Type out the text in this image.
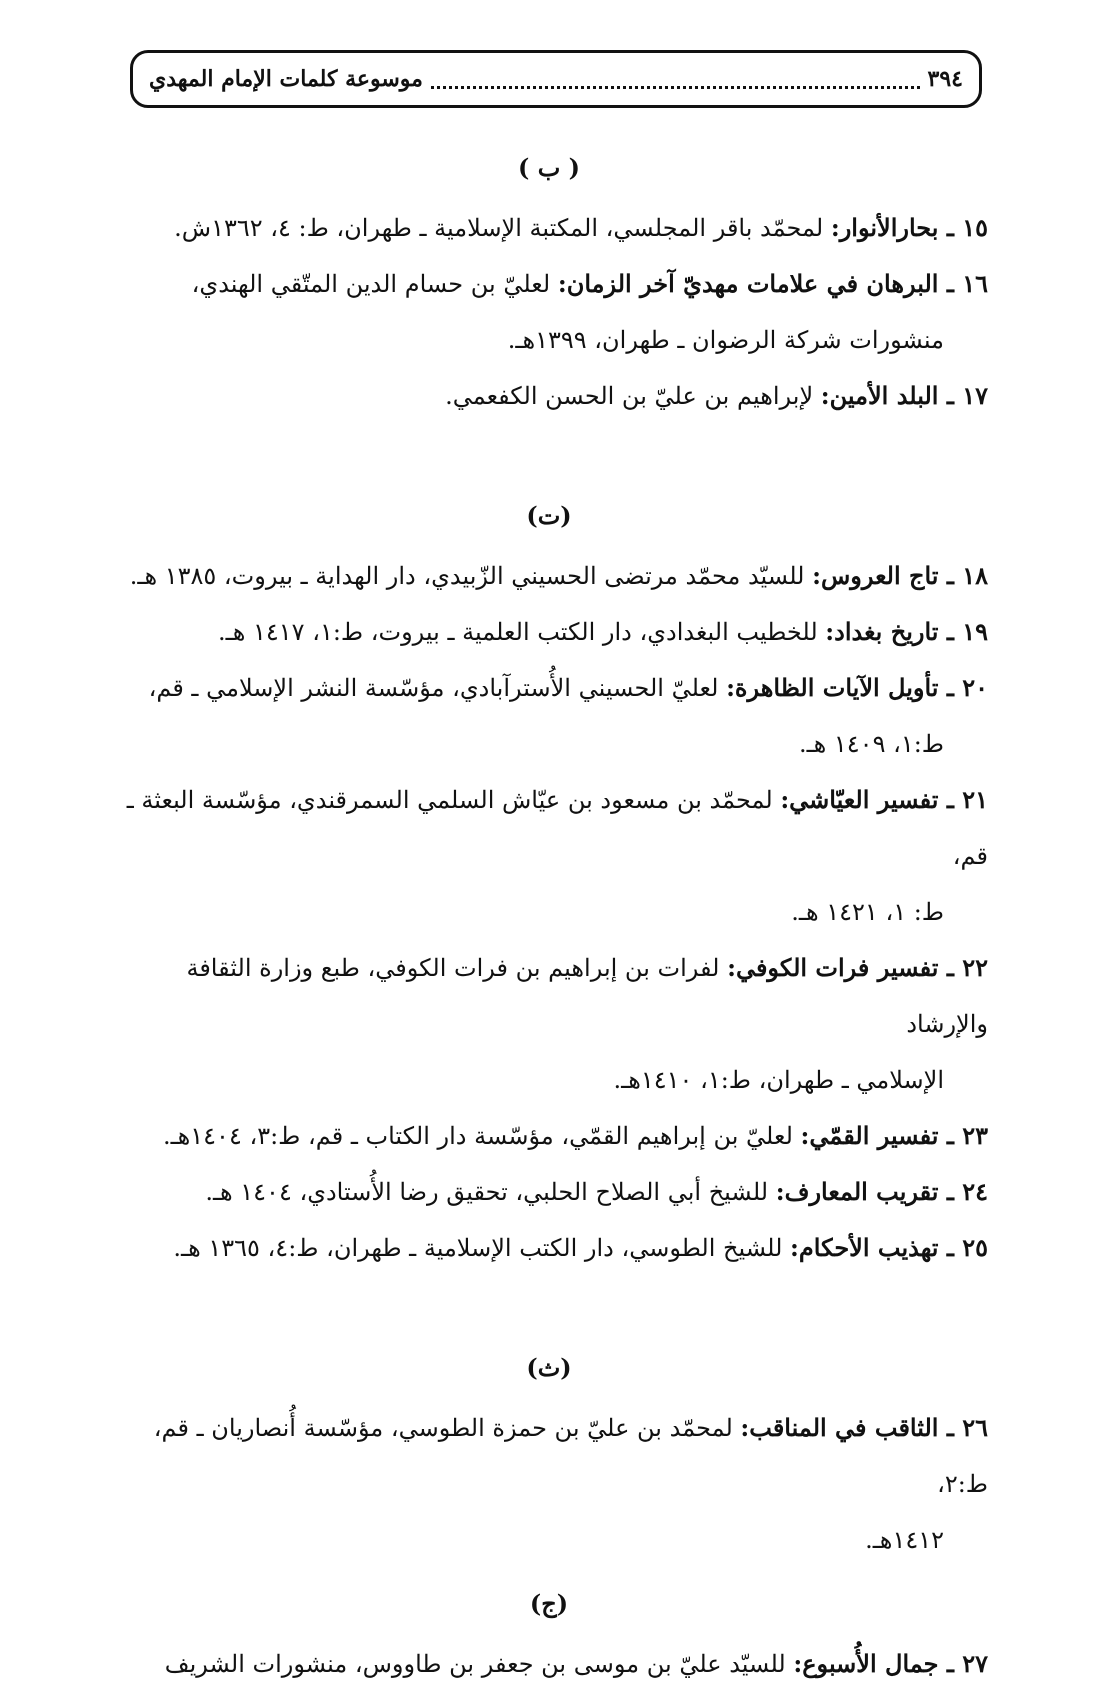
٣٩٤
موسوعة كلمات الإمام المهدي
( ب )
١٥ ـ بحارالأنوار: لمحمّد باقر المجلسي، المكتبة الإسلامية ـ طهران، ط: ٤، ١٣٦٢ش.
١٦ ـ البرهان في علامات مهديّ آخر الزمان: لعليّ بن حسام الدين المتّقي الهندي،
منشورات شركة الرضوان ـ طهران، ١٣٩٩هـ.
١٧ ـ البلد الأمين: لإبراهيم بن عليّ بن الحسن الكفعمي.
(ت)
١٨ ـ تاج العروس: للسيّد محمّد مرتضى الحسيني الزّبيدي، دار الهداية ـ بيروت، ١٣٨٥ هـ.
١٩ ـ تاريخ بغداد: للخطيب البغدادي، دار الكتب العلمية ـ بيروت، ط:١، ١٤١٧ هـ.
٢٠ ـ تأويل الآيات الظاهرة: لعليّ الحسيني الأُسترآبادي، مؤسّسة النشر الإسلامي ـ قم،
ط:١، ١٤٠٩ هـ.
٢١ ـ تفسير العيّاشي: لمحمّد بن مسعود بن عيّاش السلمي السمرقندي، مؤسّسة البعثة ـ قم،
ط: ١، ١٤٢١ هـ.
٢٢ ـ تفسير فرات الكوفي: لفرات بن إبراهيم بن فرات الكوفي، طبع وزارة الثقافة والإرشاد
الإسلامي ـ طهران، ط:١، ١٤١٠هـ.
٢٣ ـ تفسير القمّي: لعليّ بن إبراهيم القمّي، مؤسّسة دار الكتاب ـ قم، ط:٣، ١٤٠٤هـ.
٢٤ ـ تقريب المعارف: للشيخ أبي الصلاح الحلبي، تحقيق رضا الأُستادي، ١٤٠٤ هـ.
٢٥ ـ تهذيب الأحكام: للشيخ الطوسي، دار الكتب الإسلامية ـ طهران، ط:٤، ١٣٦٥ هـ.
(ث)
٢٦ ـ الثاقب في المناقب: لمحمّد بن عليّ بن حمزة الطوسي، مؤسّسة أُنصاريان ـ قم، ط:٢،
١٤١٢هـ.
(ج)
٢٧ ـ جمال الأُسبوع: للسيّد عليّ بن موسى بن جعفر بن طاووس، منشورات الشريف
